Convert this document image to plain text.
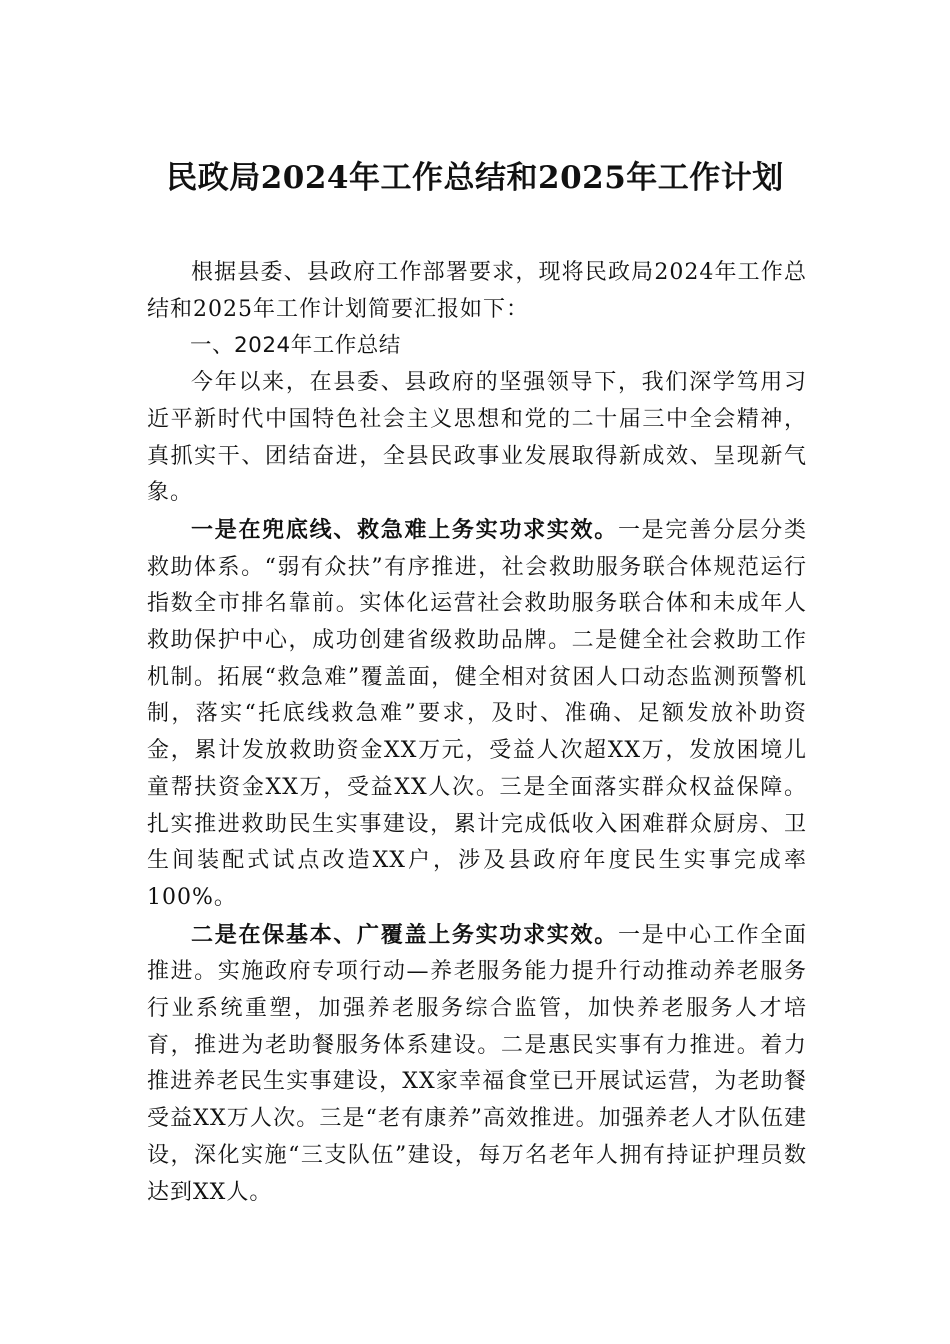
民政局2024年工作总结和2025年工作计划

根据县委、县政府工作部署要求，现将民政局2024年工作总结和2025年工作计划简要汇报如下：

一、2024年工作总结

今年以来，在县委、县政府的坚强领导下，我们深学笃用习近平新时代中国特色社会主义思想和党的二十届三中全会精神，真抓实干、团结奋进，全县民政事业发展取得新成效、呈现新气象。

一是在兜底线、救急难上务实功求实效。一是完善分层分类救助体系。“弱有众扶”有序推进，社会救助服务联合体规范运行指数全市排名靠前。实体化运营社会救助服务联合体和未成年人救助保护中心，成功创建省级救助品牌。二是健全社会救助工作机制。拓展“救急难”覆盖面，健全相对贫困人口动态监测预警机制，落实“托底线救急难”要求，及时、准确、足额发放补助资金，累计发放救助资金XX万元，受益人次超XX万，发放困境儿童帮扶资金XX万，受益XX人次。三是全面落实群众权益保障。扎实推进救助民生实事建设，累计完成低收入困难群众厨房、卫生间装配式试点改造XX户，涉及县政府年度民生实事完成率100%。

二是在保基本、广覆盖上务实功求实效。一是中心工作全面推进。实施政府专项行动—养老服务能力提升行动推动养老服务行业系统重塑，加强养老服务综合监管，加快养老服务人才培育，推进为老助餐服务体系建设。二是惠民实事有力推进。着力推进养老民生实事建设，XX家幸福食堂已开展试运营，为老助餐受益XX万人次。三是“老有康养”高效推进。加强养老人才队伍建设，深化实施“三支队伍”建设，每万名老年人拥有持证护理员数达到XX人。
